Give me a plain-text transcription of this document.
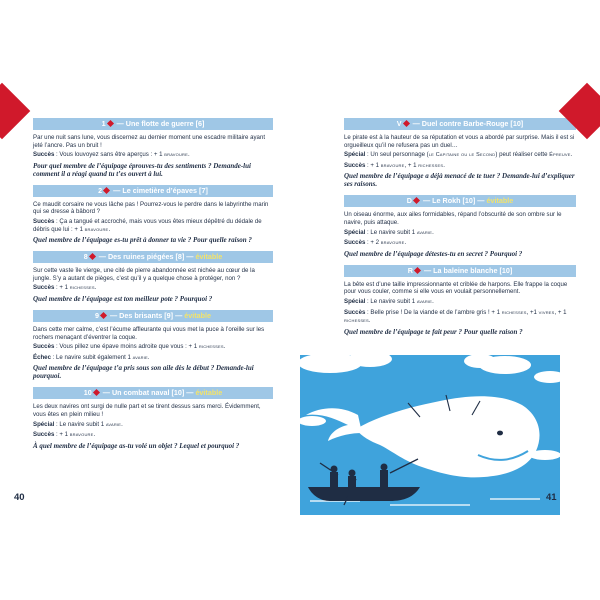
1 — Une flotte de guerre [6]

Par une nuit sans lune, vous discernez au dernier moment une escadre militaire ayant jeté l’ancre. Pas un bruit !

Succès : Vous louvoyez sans être aperçus : + 1 bravoure.

Pour quel membre de l’équipage éprouves-tu des sentiments ? Demande-lui comment il a réagi quand tu t’es ouvert à lui.

2 — Le cimetière d’épaves [7]

Ce maudit corsaire ne vous lâche pas ! Pourrez-vous le perdre dans le labyrinthe marin qui se dresse à bâbord ?

Succès : Ça a tangué et accroché, mais vous vous êtes mieux dépêtré du dédale de débris que lui : + 1 bravoure.

Quel membre de l’équipage es-tu prêt à donner ta vie ? Pour quelle raison ?

8 — Des ruines piégées [8] — évitable

Sur cette vaste île vierge, une cité de pierre abandonnée est nichée au cœur de la jungle. S’y a autant de pièges, c’est qu’il y a quelque chose à protéger, non ?

Succès : + 1 richesses.

Quel membre de l’équipage est ton meilleur pote ? Pourquoi ?

9 — Des brisants [9] — évitable

Dans cette mer calme, c’est l’écume affleurante qui vous met la puce à l’oreille sur les rochers menaçant d’éventrer la coque.

Succès : Vous pillez une épave moins adroite que vous : + 1 richesses.

Échec : Le navire subit également 1 avarie.

Quel membre de l’équipage t’a pris sous son aile dès le début ? Demande-lui pourquoi.

10 — Un combat naval [10] — évitable

Les deux navires ont surgi de nulle part et se tirent dessus sans merci. Évidemment, vous êtes en plein milieu !

Spécial : Le navire subit 1 avarie.

Succès : + 1 bravoure.

À quel membre de l’équipage as-tu volé un objet ? Lequel et pourquoi ?

40
V — Duel contre Barbe-Rouge [10]

Le pirate est à la hauteur de sa réputation et vous a abordé par surprise. Mais il est si orgueilleux qu’il ne refusera pas un duel…

Spécial : Un seul personnage (le Capitaine ou le Second) peut réaliser cette Épreuve.

Succès : + 1 bravoure, + 1 richesses.

Quel membre de l’équipage a déjà menacé de te tuer ? Demande-lui d’expliquer ses raisons.

D — Le Rokh [10] — évitable

Un oiseau énorme, aux ailes formidables, répand l’obscurité de son ombre sur le navire, puis attaque.

Spécial : Le navire subit 1 avarie.

Succès : + 2 bravoure.

Quel membre de l’équipage détestes-tu en secret ? Pourquoi ?

R — La baleine blanche [10]

La bête est d’une taille impressionnante et criblée de harpons. Elle frappe la coque pour vous couler, comme si elle vous en voulait personnellement.

Spécial : Le navire subit 1 avarie.

Succès : Belle prise ! De la viande et de l’ambre gris ! + 1 richesses, +1 vivres, + 1 richesses.

Quel membre de l’équipage te fait peur ? Pour quelle raison ?

41
